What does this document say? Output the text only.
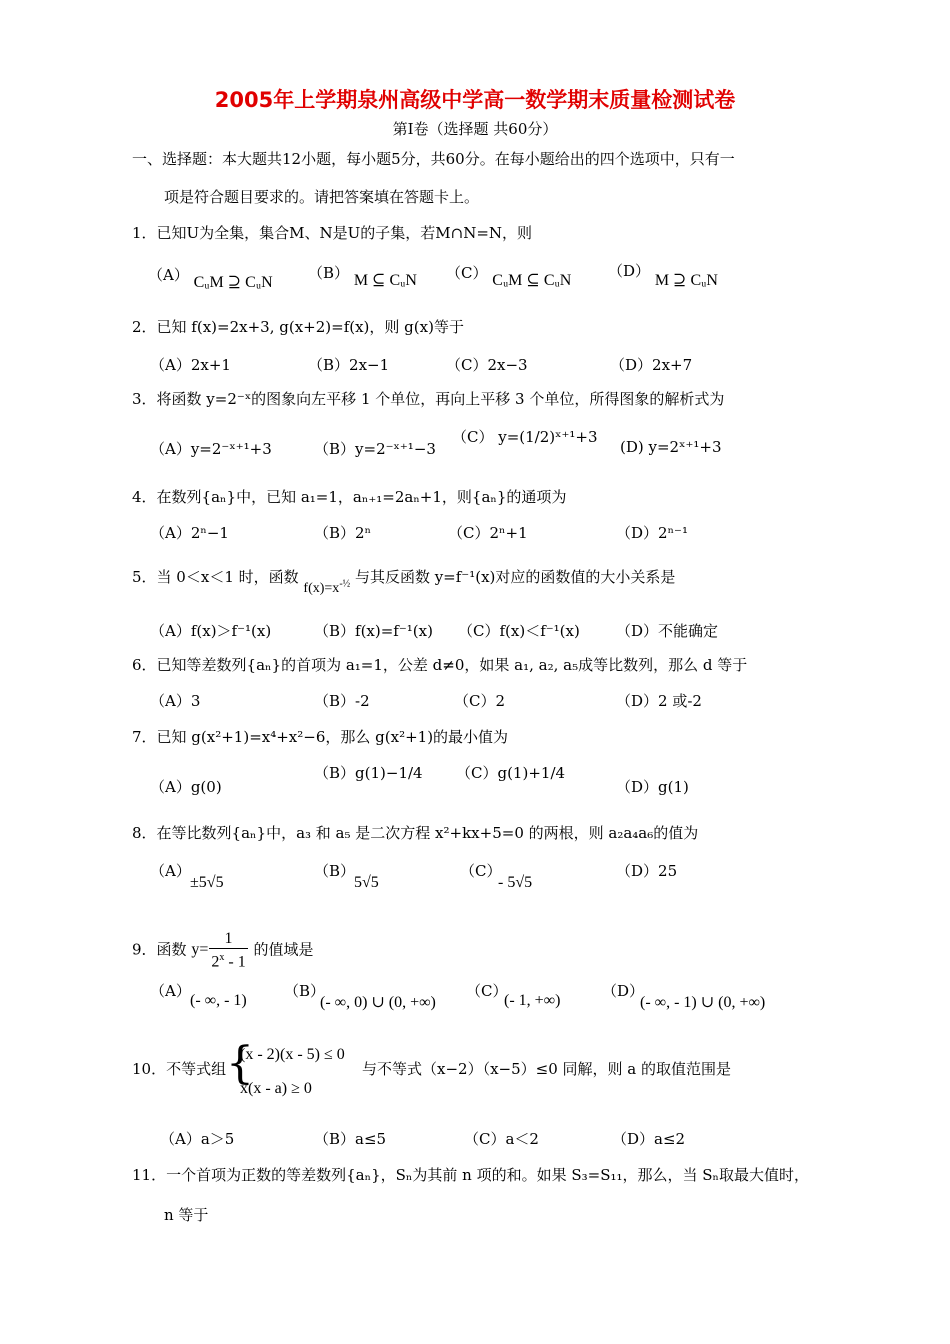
2005年上学期泉州高级中学高一数学期末质量检测试卷
第Ⅰ卷（选择题 共60分）
一、选择题：本大题共12小题，每小题5分，共60分。在每小题给出的四个选项中，只有一
项是符合题目要求的。请把答案填在答题卡上。
1．已知U为全集，集合M、N是U的子集，若M∩N=N，则
（A） CᵤM ⊇ CᵤN
（B） M ⊆ CᵤN （C） CᵤM ⊆ CᵤN
（D） M ⊇ CᵤN
2．已知 f(x)=2x+3, g(x+2)=f(x)，则 g(x)等于
（A）2x+1	（B）2x−1	（C）2x−3	（D）2x+7
3．将函数 y=2⁻ˣ的图象向左平移 1 个单位，再向上平移 3 个单位，所得图象的解析式为
（A）y=2⁻ˣ⁺¹+3	（B）y=2⁻ˣ⁺¹−3
（C） y=(1/2)ˣ⁺¹+3
(D) y=2ˣ⁺¹+3
4．在数列{aₙ}中，已知 a₁=1，aₙ₊₁=2aₙ+1，则{aₙ}的通项为
（A）2ⁿ−1	（B）2ⁿ	（C）2ⁿ+1	（D）2ⁿ⁻¹
5．当 0＜x＜1 时，函数 $f(x)=x^{-\frac{1}{2}}$ 与其反函数 y=f⁻¹(x)对应的函数值的大小关系是
（A）f(x)＞f⁻¹(x)	（B）f(x)=f⁻¹(x) （C）f(x)＜f⁻¹(x) （D）不能确定
6．已知等差数列{aₙ}的首项为 a₁=1，公差 d≠0，如果 a₁, a₂, a₅成等比数列，那么 d 等于
（A）3	（B）-2	（C）2	（D）2 或-2
7．已知 g(x²+1)=x⁴+x²−6，那么 g(x²+1)的最小值为
（A）g(0)
（B）g(1)−1/4 （C）g(1)+1/4
（D）g(1)
8．在等比数列{aₙ}中，a₃ 和 a₅ 是二次方程 x²+kx+5=0 的两根，则 a₂a₄a₆的值为
（A）
±5√5
（B）
5√5
（C）
- 5√5
（D）25
9．函数 $y= \frac{1}{2^x - 1}$ 的值域是
（A）
(- ∞, - 1)
（B）
(- ∞, 0) ∪ (0, +∞)
（C）
(- 1, +∞)
（D）
(- ∞, - 1) ∪ (0, +∞)
10．不等式组 {
(x - 2)(x - 5) ≤ 0
x(x - a) ≥ 0
与不等式（x−2）（x−5）≤0 同解，则 a 的取值范围是
（A）a＞5	（B）a≤5	（C）a＜2	（D）a≤2
11．一个首项为正数的等差数列{aₙ}，Sₙ为其前 n 项的和。如果 S₃=S₁₁，那么，当 Sₙ取最大值时，
n 等于
